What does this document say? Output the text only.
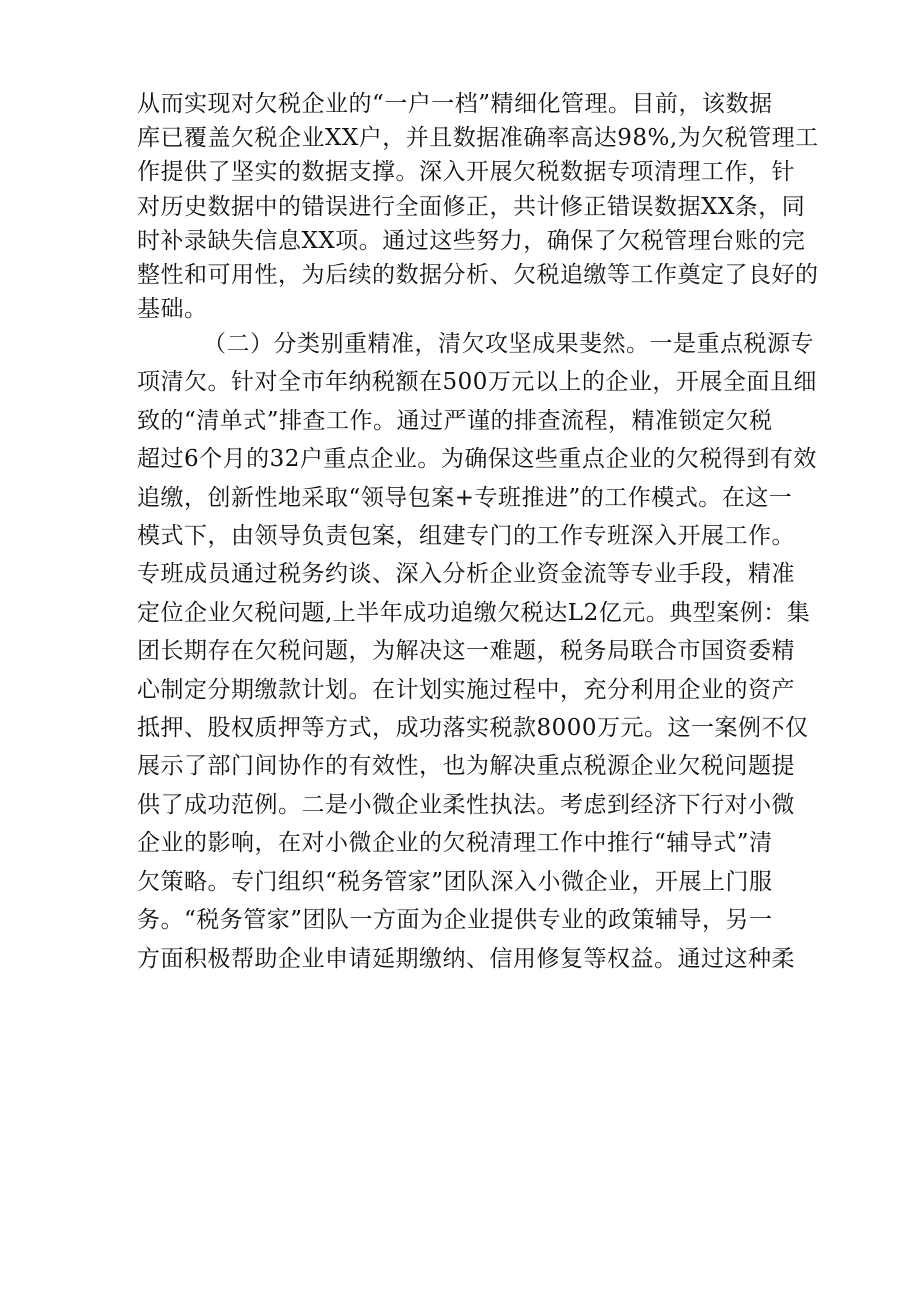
从而实现对欠税企业的“一户一档”精细化管理。目前，该数据
库已覆盖欠税企业XX户，并且数据准确率高达98%,为欠税管理工
作提供了坚实的数据支撑。深入开展欠税数据专项清理工作，针
对历史数据中的错误进行全面修正，共计修正错误数据XX条，同
时补录缺失信息XX项。通过这些努力，确保了欠税管理台账的完
整性和可用性，为后续的数据分析、欠税追缴等工作奠定了良好的
基础。
（二）分类别重精准，清欠攻坚成果斐然。一是重点税源专
项清欠。针对全市年纳税额在500万元以上的企业，开展全面且细
致的“清单式”排查工作。通过严谨的排查流程，精准锁定欠税
超过6个月的32户重点企业。为确保这些重点企业的欠税得到有效
追缴，创新性地采取“领导包案+专班推进”的工作模式。在这一
模式下，由领导负责包案，组建专门的工作专班深入开展工作。
专班成员通过税务约谈、深入分析企业资金流等专业手段，精准
定位企业欠税问题,上半年成功追缴欠税达L2亿元。典型案例：集
团长期存在欠税问题，为解决这一难题，税务局联合市国资委精
心制定分期缴款计划。在计划实施过程中，充分利用企业的资产
抵押、股权质押等方式，成功落实税款8000万元。这一案例不仅
展示了部门间协作的有效性，也为解决重点税源企业欠税问题提
供了成功范例。二是小微企业柔性执法。考虑到经济下行对小微
企业的影响，在对小微企业的欠税清理工作中推行“辅导式”清
欠策略。专门组织“税务管家”团队深入小微企业，开展上门服
务。“税务管家”团队一方面为企业提供专业的政策辅导，另一
方面积极帮助企业申请延期缴纳、信用修复等权益。通过这种柔
